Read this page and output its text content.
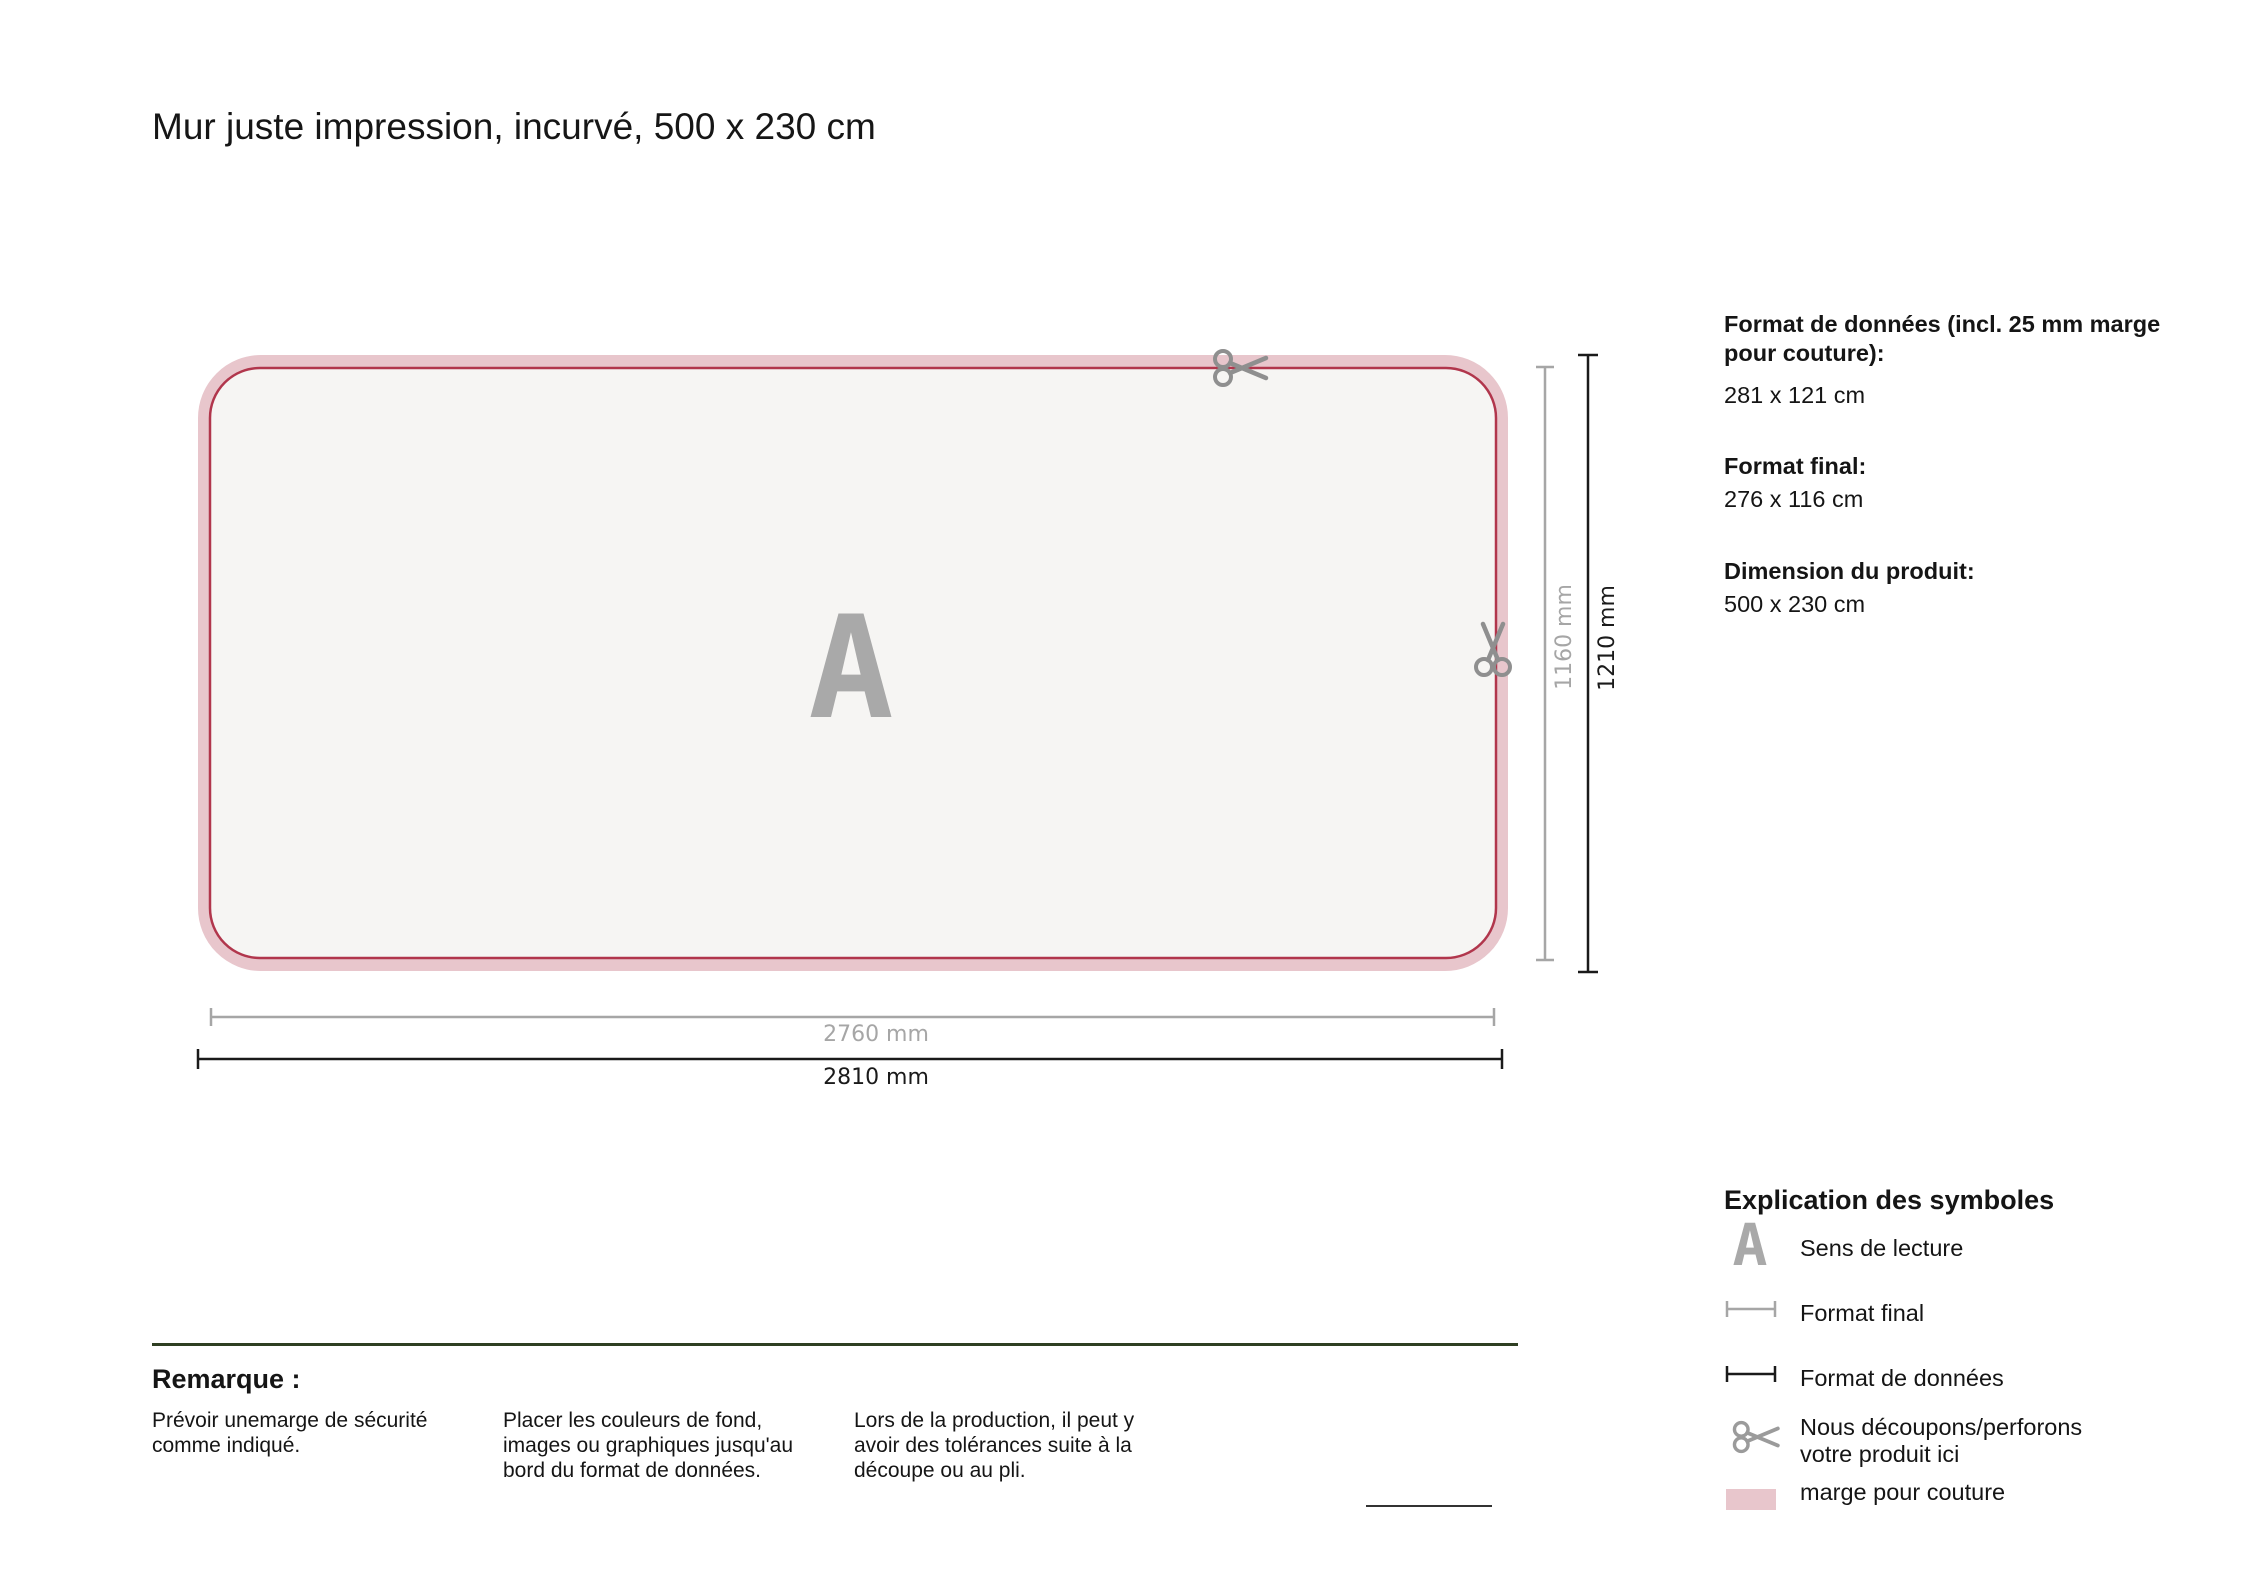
Mur juste impression, incurvé, 500 x 230 cm
A
2760 mm
2810 mm
1160 mm 1210 mm
A
Format de données (incl. 25 mm marge pour couture):
281 x 121 cm
Format final:
276 x 116 cm
Dimension du produit:
500 x 230 cm
Explication des symboles
Sens de lecture
Format final
Format de données
Nous découpons/perforons votre produit ici
marge pour couture
Remarque :
Prévoir unemarge de sécurité
comme indiqué.
Placer les couleurs de fond,
images ou graphiques jusqu'au
bord du format de données.
Lors de la production, il peut y
avoir des tolérances suite à la
découpe ou au pli.
